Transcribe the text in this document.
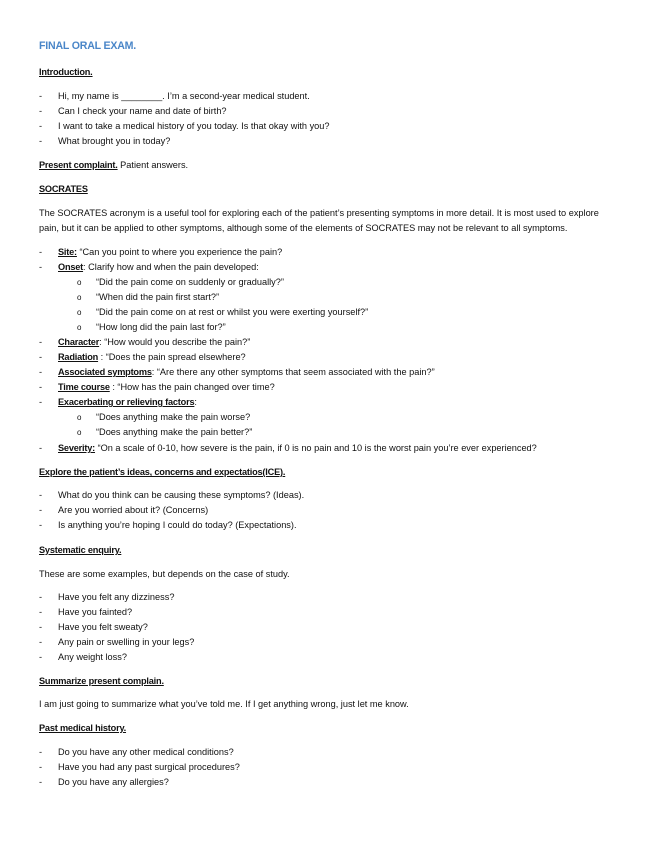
FINAL ORAL EXAM.
Introduction.
- Hi, my name is ________. I’m a second-year medical student.
- Can I check your name and date of birth?
- I want to take a medical history of you today. Is that okay with you?
- What brought you in today?
Present complaint. Patient answers.
SOCRATES
The SOCRATES acronym is a useful tool for exploring each of the patient’s presenting symptoms in more detail. It is most used to explore
pain, but it can be applied to other symptoms, although some of the elements of SOCRATES may not be relevant to all symptoms.
- Site: “Can you point to where you experience the pain?
- Onset: Clarify how and when the pain developed:
o “Did the pain come on suddenly or gradually?”
o “When did the pain first start?”
o “Did the pain come on at rest or whilst you were exerting yourself?”
o “How long did the pain last for?”
- Character: “How would you describe the pain?”
- Radiation : “Does the pain spread elsewhere?
- Associated symptoms: “Are there any other symptoms that seem associated with the pain?”
- Time course : “How has the pain changed over time?
- Exacerbating or relieving factors:
o “Does anything make the pain worse?
o “Does anything make the pain better?”
- Severity: “On a scale of 0-10, how severe is the pain, if 0 is no pain and 10 is the worst pain you’re ever experienced?
Explore the patient’s ideas, concerns and expectatios(ICE).
- What do you think can be causing these symptoms? (Ideas).
- Are you worried about it? (Concerns)
- Is anything you’re hoping I could do today? (Expectations).
Systematic enquiry.
These are some examples, but depends on the case of study.
- Have you felt any dizziness?
- Have you fainted?
- Have you felt sweaty?
- Any pain or swelling in your legs?
- Any weight loss?
Summarize present complain.
I am just going to summarize what you’ve told me. If I get anything wrong, just let me know.
Past medical history.
- Do you have any other medical conditions?
- Have you had any past surgical procedures?
- Do you have any allergies?
